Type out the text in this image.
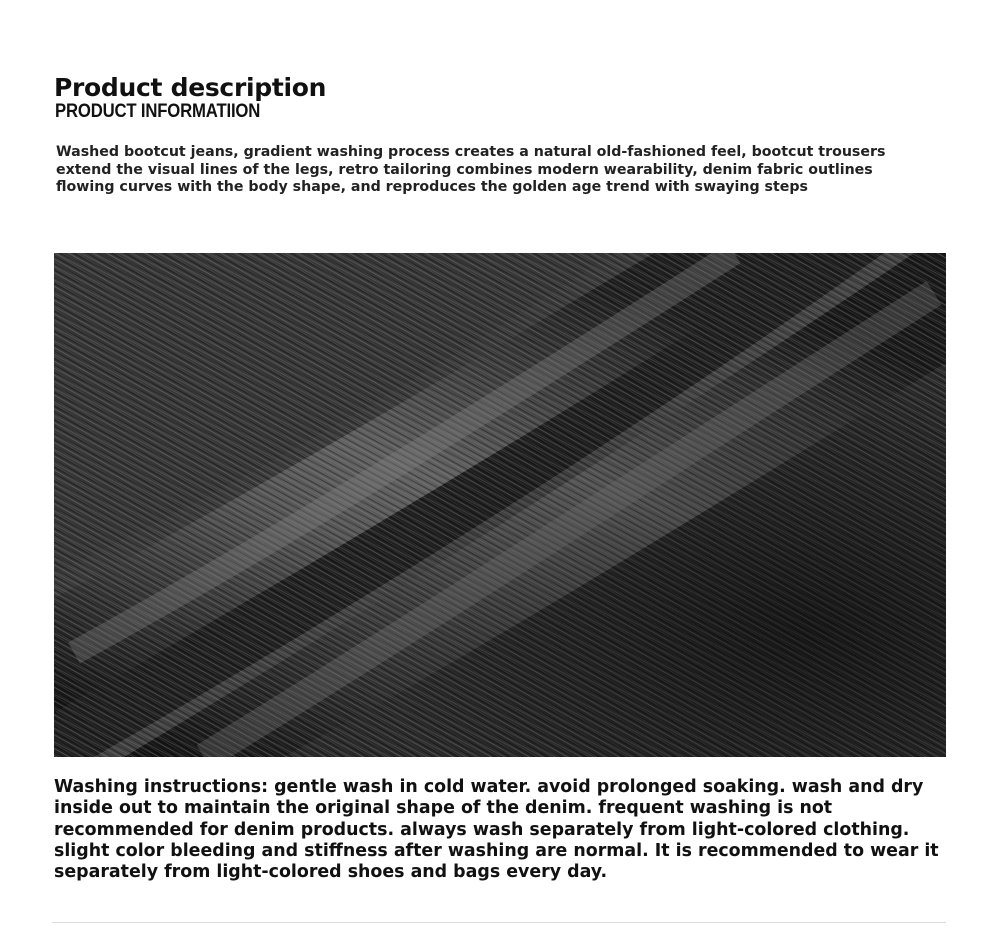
Product description
PRODUCT INFORMATIION

Washed bootcut jeans, gradient washing process creates a natural old-fashioned feel, bootcut trousers extend the visual lines of the legs, retro tailoring combines modern wearability, denim fabric outlines flowing curves with the body shape, and reproduces the golden age trend with swaying steps

Washing instructions: gentle wash in cold water. avoid prolonged soaking. wash and dry inside out to maintain the original shape of the denim. frequent washing is not recommended for denim products. always wash separately from light-colored clothing. slight color bleeding and stiffness after washing are normal. It is recommended to wear it separately from light-colored shoes and bags every day.
